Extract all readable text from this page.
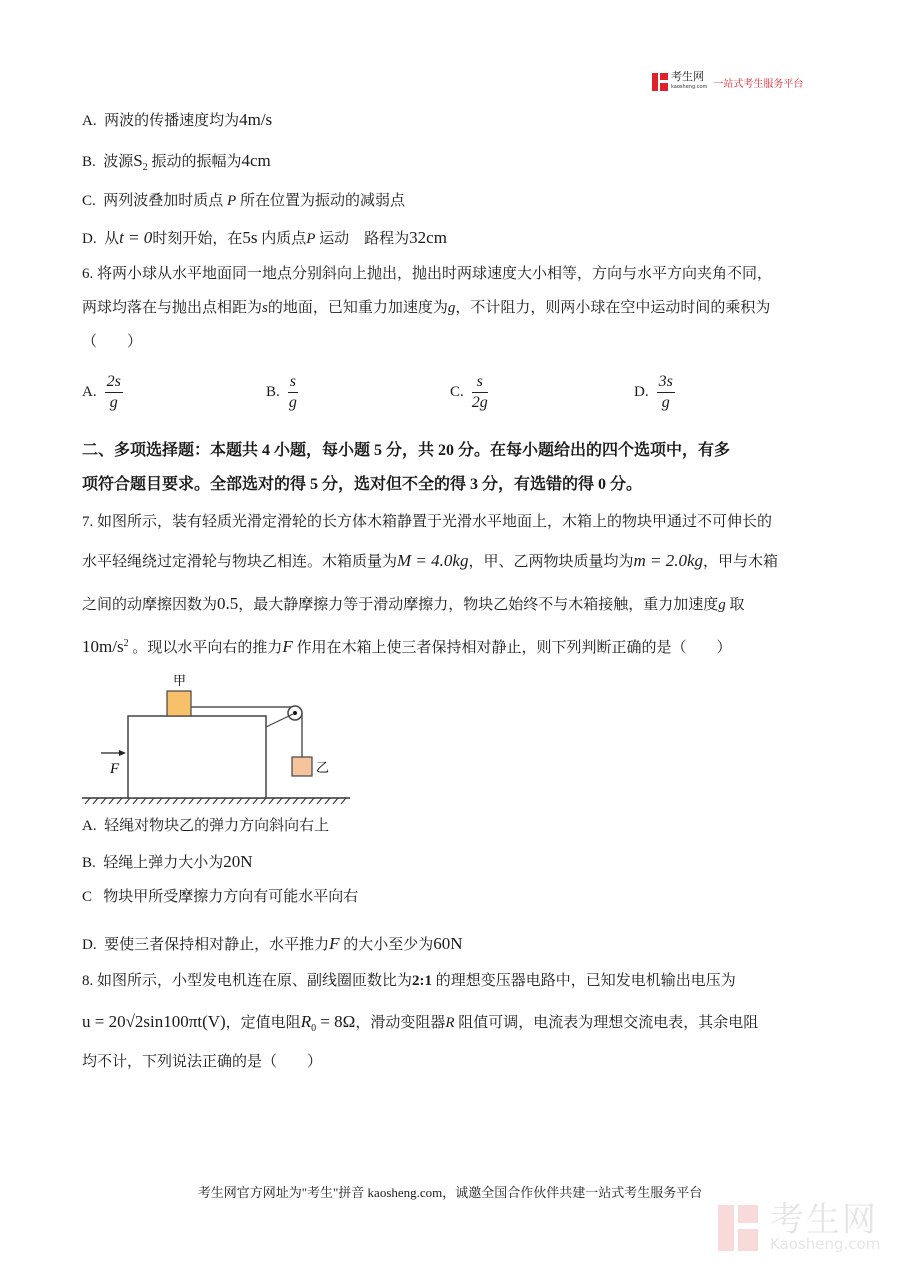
考生网
kaosheng.com 一站式考生服务平台
A. 两波的传播速度均为4m/s
B. 波源$S_2$ 振动的振幅为4cm
C. 两列波叠加时质点 P 所在位置为振动的减弱点
D. 从t = 0时刻开始，在5s 内质点P 运动　路程为32cm
6. 将两小球从水平地面同一地点分别斜向上抛出，抛出时两球速度大小相等，方向与水平方向夹角不同，
两球均落在与抛出点相距为s的地面，已知重力加速度为g，不计阻力，则两小球在空中运动时间的乘积为
（　　）
A. $\frac{2s}{g}$	B. $\frac{s}{g}$	C. $\frac{s}{2g}$	D. $\frac{3s}{g}$
二、多项选择题：本题共 4 小题，每小题 5 分，共 20 分。在每小题给出的四个选项中，有多
项符合题目要求。全部选对的得 5 分，选对但不全的得 3 分，有选错的得 0 分。
7. 如图所示，装有轻质光滑定滑轮的长方体木箱静置于光滑水平地面上，木箱上的物块甲通过不可伸长的
水平轻绳绕过定滑轮与物块乙相连。木箱质量为M = 4.0kg，甲、乙两物块质量均为m = 2.0kg，甲与木箱
之间的动摩擦因数为0.5，最大静摩擦力等于滑动摩擦力，物块乙始终不与木箱接触，重力加速度g 取
$10m/s^2$ 。现以水平向右的推力F 作用在木箱上使三者保持相对静止，则下列判断正确的是（　　）
F
甲
乙
A. 轻绳对物块乙的弹力方向斜向右上
B. 轻绳上弹力大小为20N
C 物块甲所受摩擦力方向有可能水平向右
D. 要使三者保持相对静止，水平推力F 的大小至少为60N
8. 如图所示，小型发电机连在原、副线圈匝数比为2:1 的理想变压器电路中，已知发电机输出电压为
u = 20√2sin100πt(V)，定值电阻$R_0 = 8\Omega$，滑动变阻器R 阻值可调，电流表为理想交流电表，其余电阻
均不计，下列说法正确的是（　　）
考生网官方网址为"考生"拼音 kaosheng.com，诚邀全国合作伙伴共建一站式考生服务平台
考生网
Kaosheng.com
